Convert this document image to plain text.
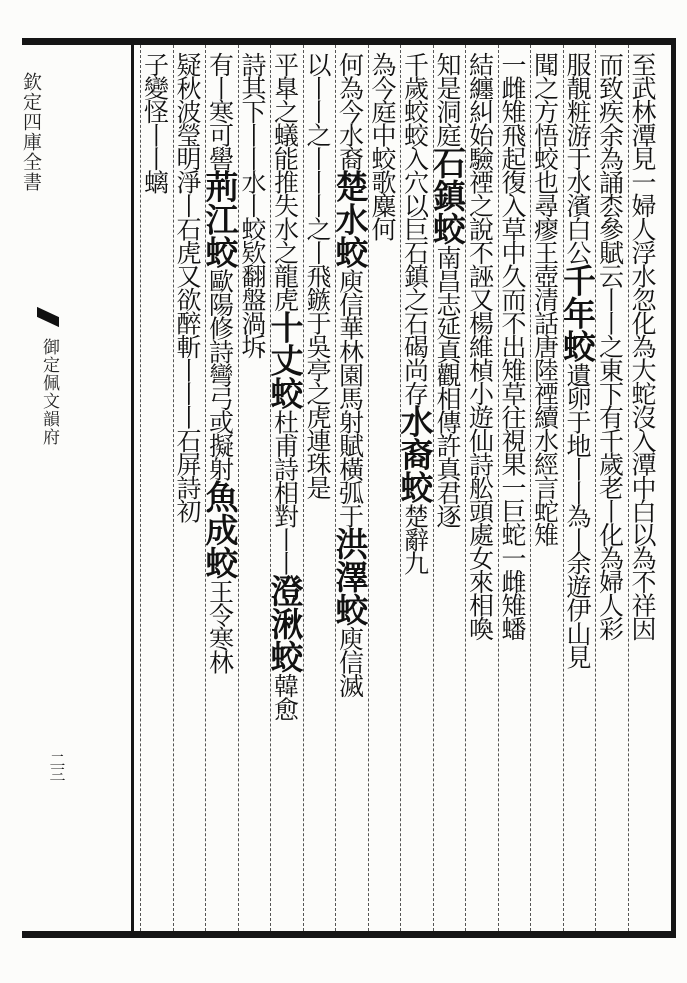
欽定四庫全書
御定佩文韻府
二三
至武林潭見一婦人浮水忽化為大蛇沒入潭中白以為不祥因
而致疾余為誦枩參賦云丨丨之東下有千歲老丨化為婦人彩
服靚粧游于水濱白公千年蛟遺卵于地丨丨為丨余遊伊山見
聞之方悟蛟也尋瘳王壺清話唐陸禋續水經言蛇雉
一雌雉飛起復入草中久而不出雉草往視果一巨蛇一雌雉蟠
結纏糾始驗禋之說不誣又楊維楨小遊仙詩舩頭處女來相喚
知是洞庭石鎮蛟南昌志延真觀相傳許真君逐
千歲蛟蛟入穴以巨石鎮之石碣尚存水裔蛟楚辭九
為今庭中蛟歌麋何
何為今水裔楚水蛟庾信華林園馬射賦橫弧于洪澤蛟庾信滅
以丨丨之丨丨丨之丨飛鏃于吳亭之虎連珠是
平臯之蟻能推失水之龍虎十丈蛟杜甫詩相對丨丨澄湫蛟韓愈
詩其下丨丨水丨蛟欵翻盤渦坼
有丨寒可嚳荊江蛟歐陽修詩彎弓或擬射魚成蛟王令寒林
疑秋波瑩明淨丨石虎又欲醉斬丨丨丨石屏詩初
子變怪丨丨螭
